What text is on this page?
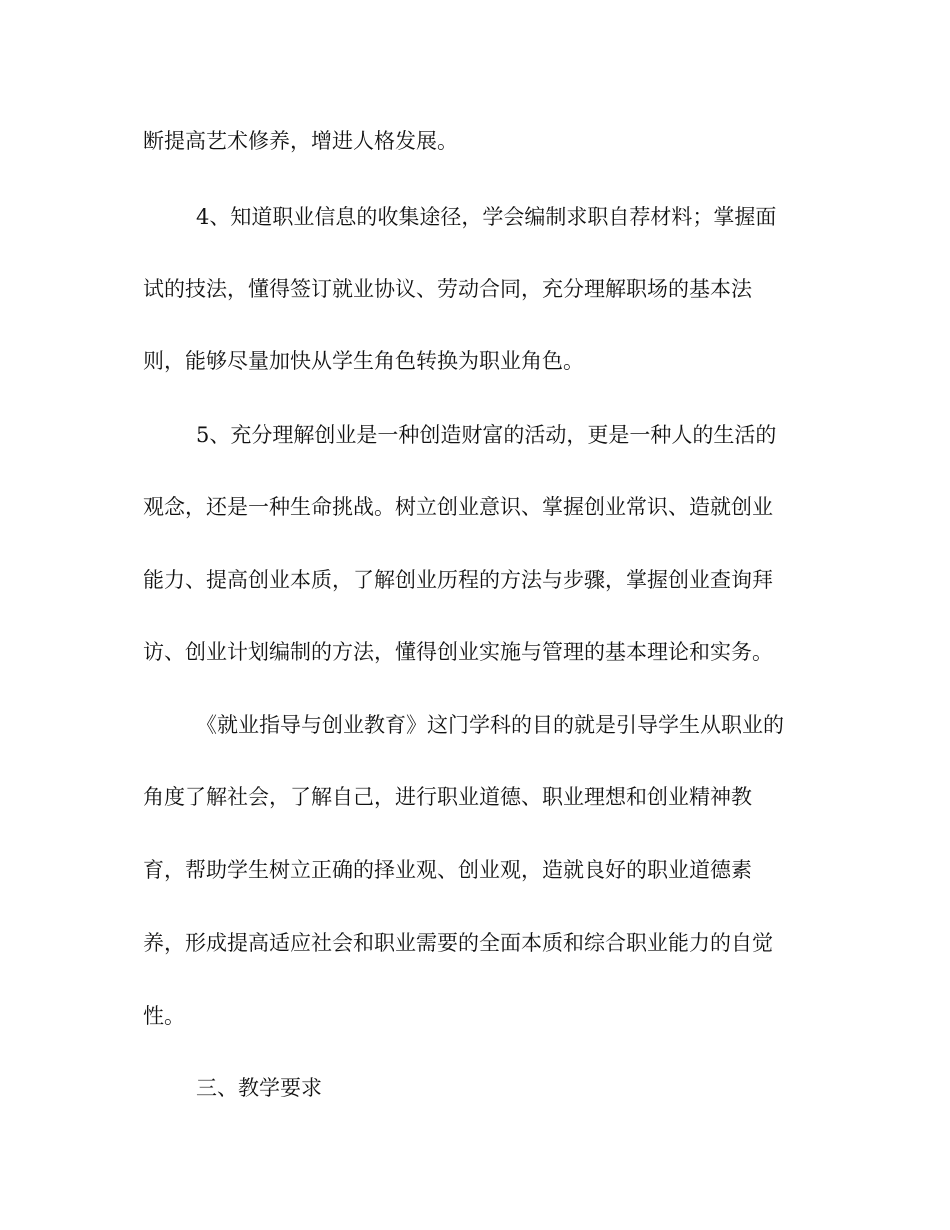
断提高艺术修养，增进人格发展。
4、知道职业信息的收集途径，学会编制求职自荐材料；掌握面
试的技法，懂得签订就业协议、劳动合同，充分理解职场的基本法
则，能够尽量加快从学生角色转换为职业角色。
5、充分理解创业是一种创造财富的活动，更是一种人的生活的
观念，还是一种生命挑战。树立创业意识、掌握创业常识、造就创业
能力、提高创业本质，了解创业历程的方法与步骤，掌握创业查询拜
访、创业计划编制的方法，懂得创业实施与管理的基本理论和实务。
《就业指导与创业教育》这门学科的目的就是引导学生从职业的
角度了解社会，了解自己，进行职业道德、职业理想和创业精神教
育，帮助学生树立正确的择业观、创业观，造就良好的职业道德素
养，形成提高适应社会和职业需要的全面本质和综合职业能力的自觉
性。
三、教学要求
